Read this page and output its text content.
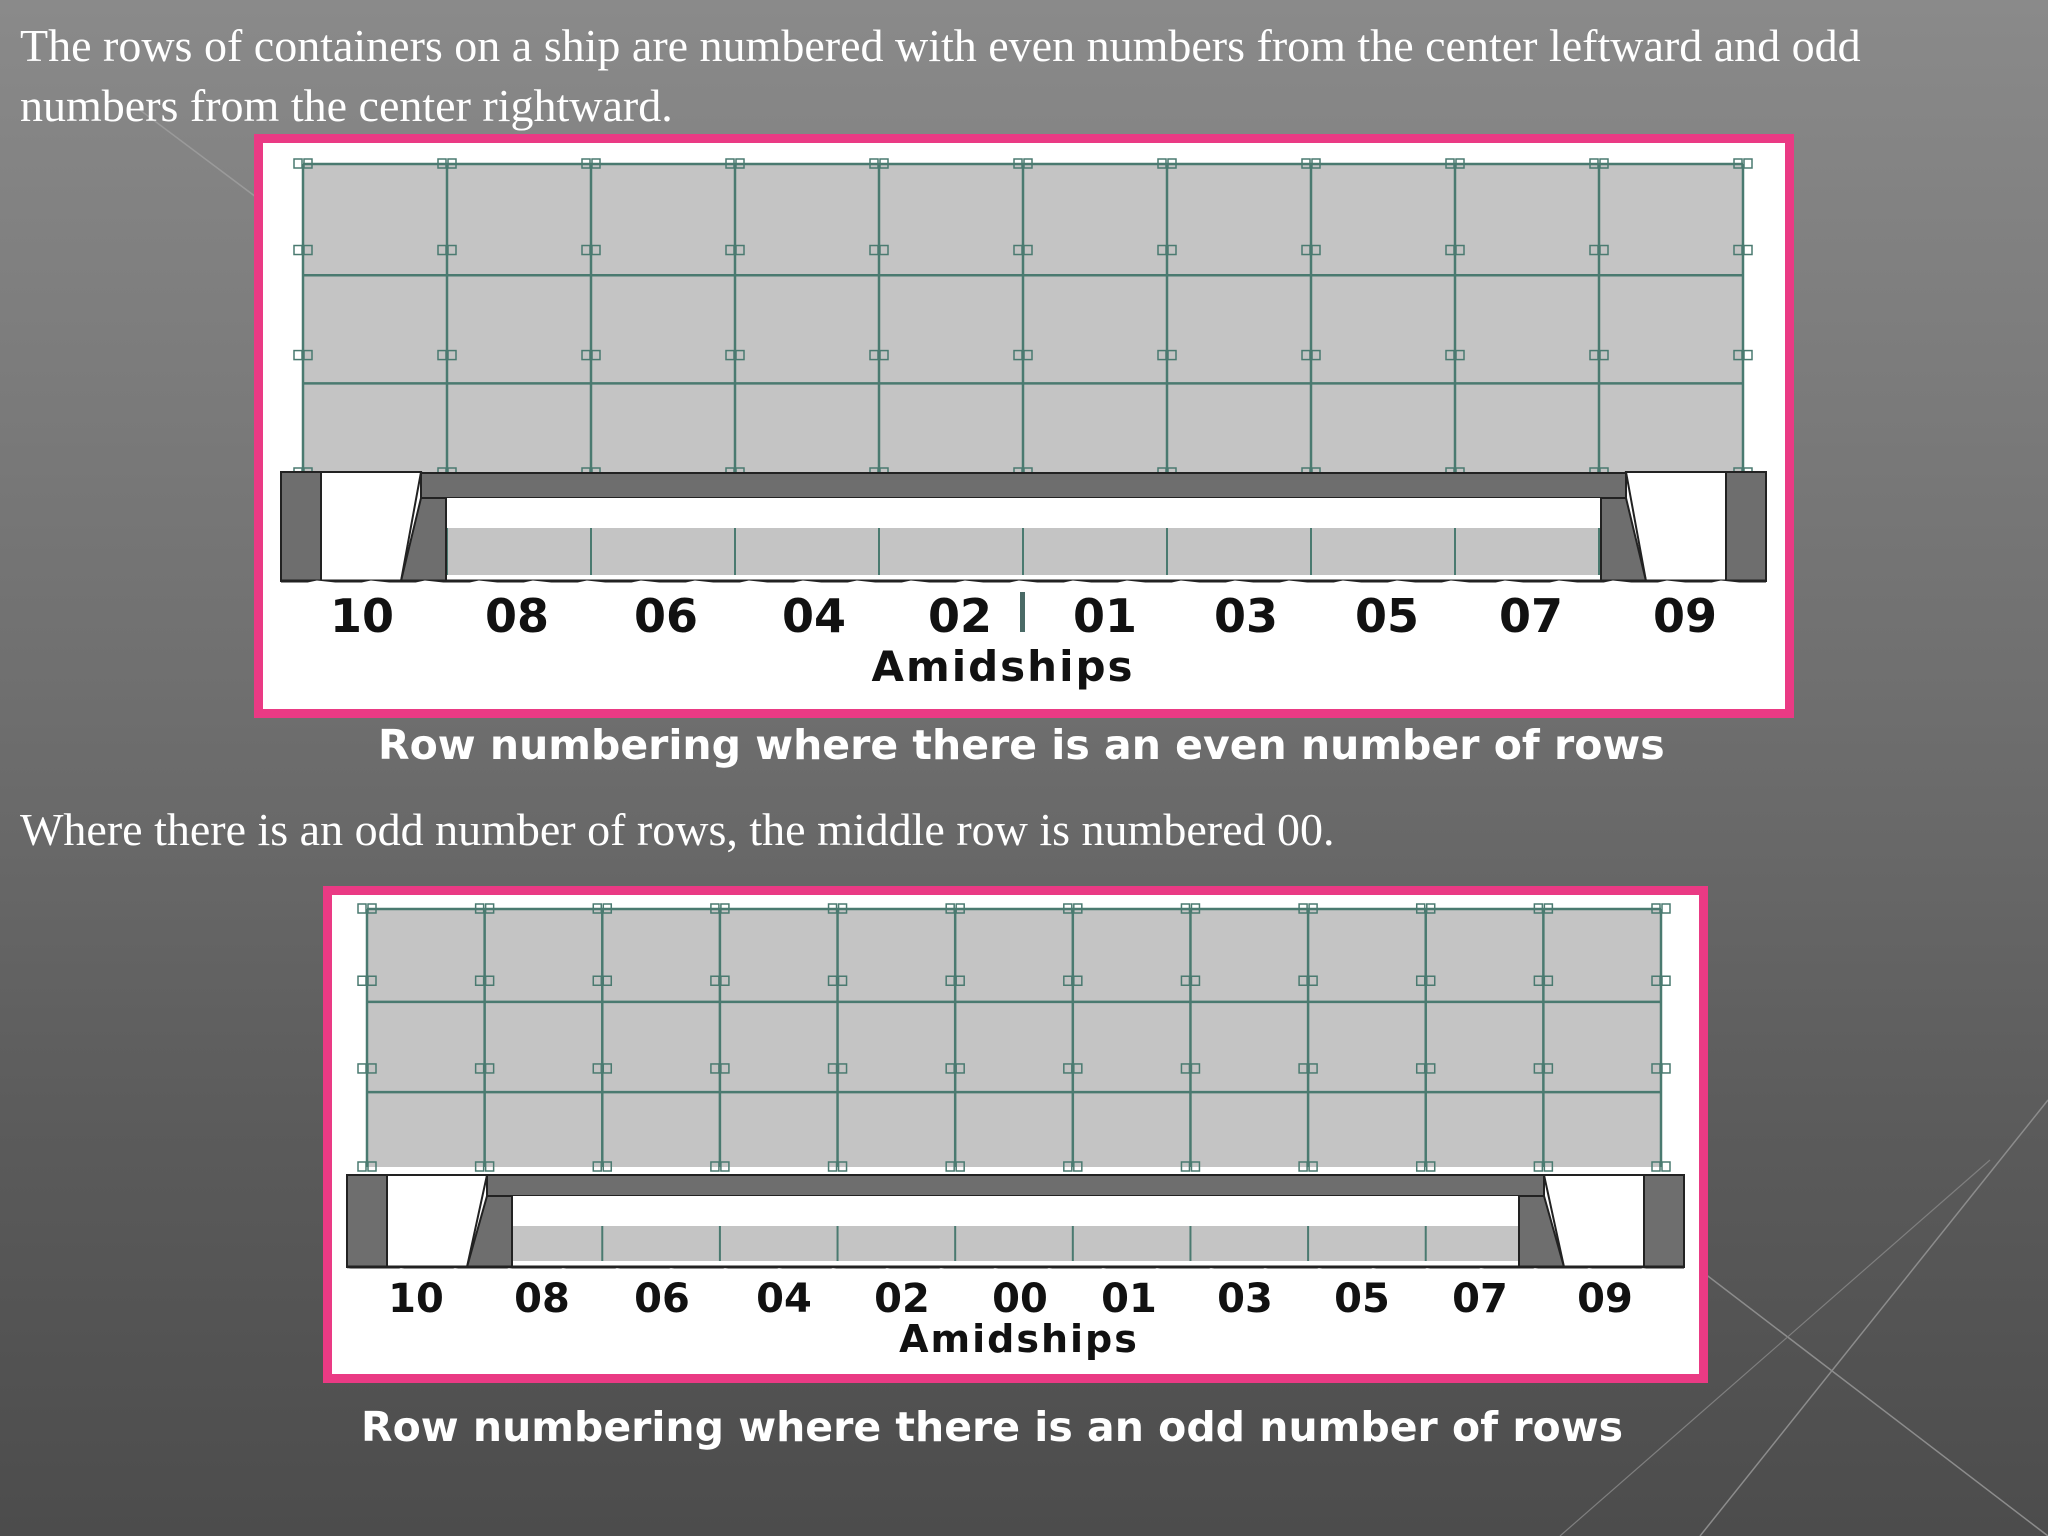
The rows of containers on a ship are numbered with even numbers from the center leftward and odd numbers from the center rightward.

10 08 06 04 02 01 03 05 07 09
Amidships
Row numbering where there is an even number of rows

Where there is an odd number of rows, the middle row is numbered 00.

10 08 06 04 02 00 01 03 05 07 09
Amidships
Row numbering where there is an odd number of rows
